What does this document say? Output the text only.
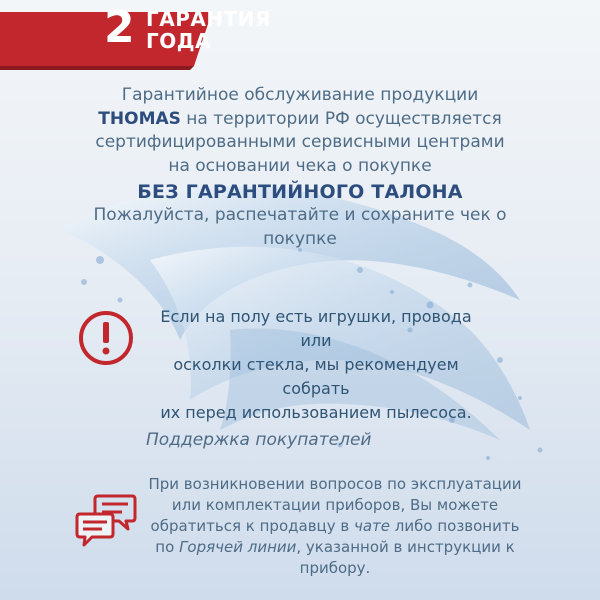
2 ГАРАНТИЯ
ГОДА
Гарантийное обслуживание продукции
THOMAS на территории РФ осуществляется
сертифицированными сервисными центрами
на основании чека о покупке
БЕЗ ГАРАНТИЙНОГО ТАЛОНА
Пожалуйста, распечатайте и сохраните чек о
покупке
Если на полу есть игрушки, провода или
осколки стекла, мы рекомендуем собрать
их перед использованием пылесоса.
Поддержка покупателей
При возникновении вопросов по эксплуатации
или комплектации приборов, Вы можете
обратиться к продавцу в чате либо позвонить
по Горячей линии, указанной в инструкции к
прибору.
